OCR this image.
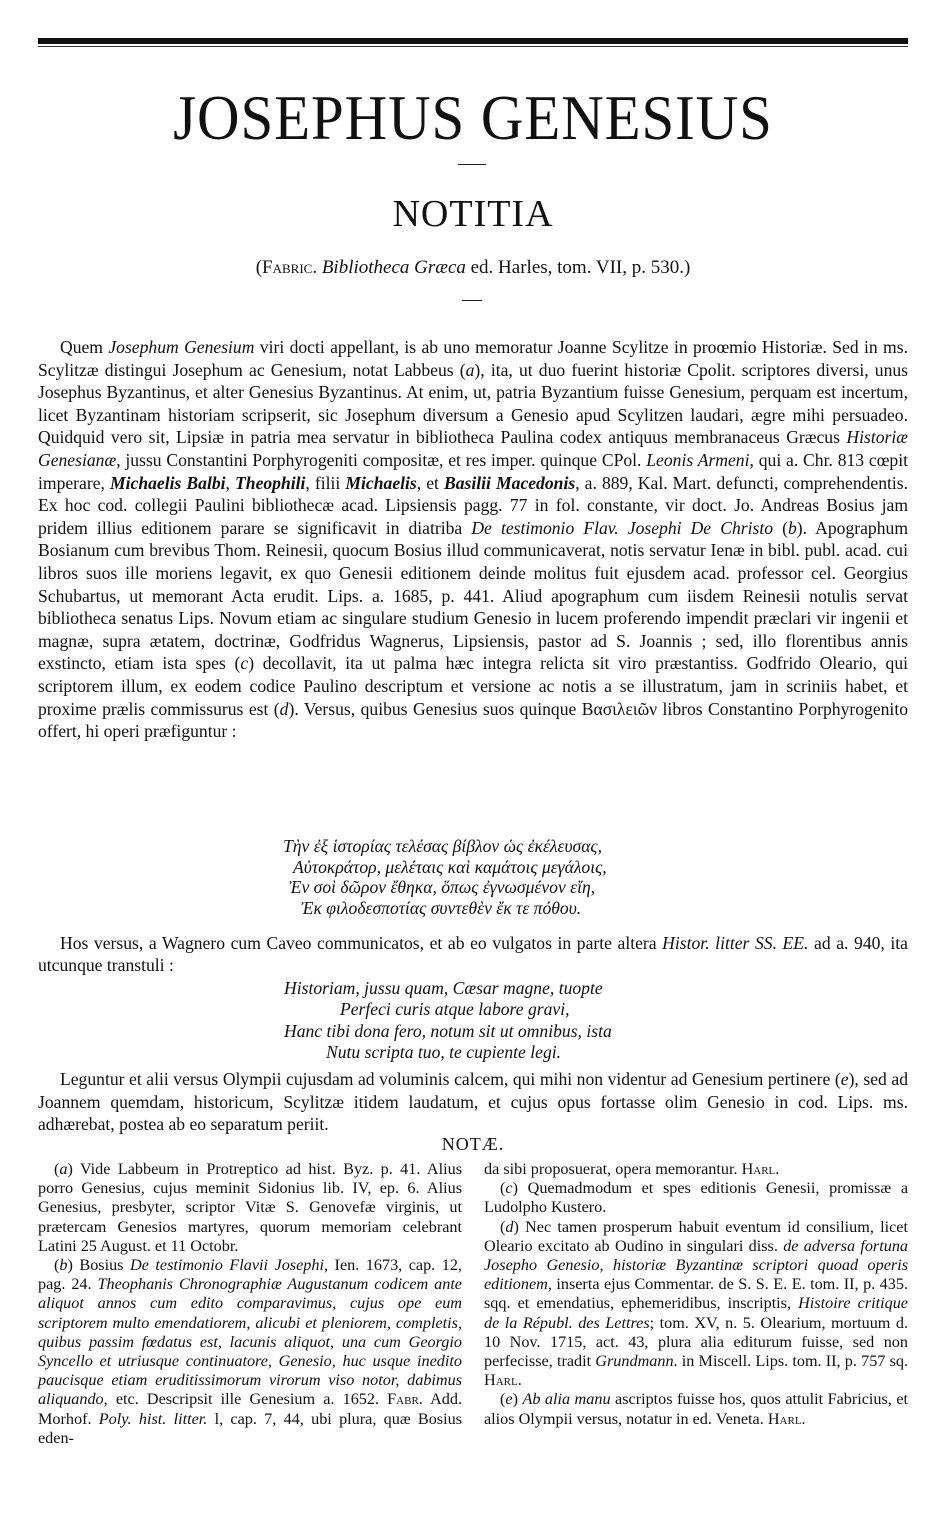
JOSEPHUS GENESIUS
NOTITIA
(Fabric. Bibliotheca Græca ed. Harles, tom. VII, p. 530.)

Quem Josephum Genesium viri docti appellant, is ab uno memoratur Joanne Scylitze in proœmio Historiæ. Sed in ms. Scylitzæ distingui Josephum ac Genesium, notat Labbeus (a), ita, ut duo fuerint historiæ Cpolit. scriptores diversi, unus Josephus Byzantinus, et alter Genesius Byzantinus. At enim, ut, patria Byzantium fuisse Genesium, perquam est incertum, licet Byzantinam historiam scripserit, sic Josephum diversum a Genesio apud Scylitzen laudari, ægre mihi persuadeo. Quidquid vero sit, Lipsiæ in patria mea servatur in bibliotheca Paulina codex antiquus membranaceus Græcus Historiæ Genesianæ, jussu Constantini Porphyrogeniti compositæ, et res imper. quinque CPol. Leonis Armeni, qui a. Chr. 813 cœpit imperare, Michaelis Balbi, Theophili, filii Michaelis, et Basilii Macedonis, a. 889, Kal. Mart. defuncti, comprehendentis. Ex hoc cod. collegii Paulini bibliothecæ acad. Lipsiensis pagg. 77 in fol. constante, vir doct. Jo. Andreas Bosius jam pridem illius editionem parare se significavit in diatriba De testimonio Flav. Josephi De Christo (b). Apographum Bosianum cum brevibus Thom. Reinesii, quocum Bosius illud communicaverat, notis servatur Ienæ in bibl. publ. acad. cui libros suos ille moriens legavit, ex quo Genesii editionem deinde molitus fuit ejusdem acad. professor cel. Georgius Schubartus, ut memorant Acta erudit. Lips. a. 1685, p. 441. Aliud apographum cum iisdem Reinesii notulis servat bibliotheca senatus Lips. Novum etiam ac singulare studium Genesio in lucem proferendo impendit præclari vir ingenii et magnæ, supra ætatem, doctrinæ, Godfridus Wagnerus, Lipsiensis, pastor ad S. Joannis ; sed, illo florentibus annis exstincto, etiam ista spes (c) decollavit, ita ut palma hæc integra relicta sit viro præstantiss. Godfrido Oleario, qui scriptorem illum, ex eodem codice Paulino descriptum et versione ac notis a se illustratum, jam in scriniis habet, et proxime prælis commissurus est (d). Versus, quibus Genesius suos quinque Βασιλειῶν libros Constantino Porphyrogenito offert, hi operi præfiguntur :

Τὴν ἐξ ἱστορίας τελέσας βίβλον ὡς ἐκέλευσας,
Αὐτοκράτορ, μελέταις καὶ καμάτοις μεγάλοις,
Ἐν σοὶ δῶρον ἔθηκα, ὅπως ἐγνωσμένον εἴη,
Ἐκ φιλοδεσποτίας συντεθὲν ἔκ τε πόθου.

Hos versus, a Wagnero cum Caveo communicatos, et ab eo vulgatos in parte altera Histor. litter SS. EE. ad a. 940, ita utcunque transtuli :

Historiam, jussu quam, Cæsar magne, tuopte
Perfeci curis atque labore gravi,
Hanc tibi dona fero, notum sit ut omnibus, ista
Nutu scripta tuo, te cupiente legi.

Leguntur et alii versus Olympii cujusdam ad voluminis calcem, qui mihi non videntur ad Genesium pertinere (e), sed ad Joannem quemdam, historicum, Scylitzæ itidem laudatum, et cujus opus fortasse olim Genesio in cod. Lips. ms. adhærebat, postea ab eo separatum periit.

NOTÆ.

(a) Vide Labbeum in Protreptico ad hist. Byz. p. 41. Alius porro Genesius, cujus meminit Sidonius lib. IV, ep. 6. Alius Genesius, presbyter, scriptor Vitæ S. Genovefæ virginis, ut prætercam Genesios martyres, quorum memoriam celebrant Latini 25 August. et 11 Octobr.

(b) Bosius De testimonio Flavii Josephi, Ien. 1673, cap. 12, pag. 24. Theophanis Chronographiæ Augustanum codicem ante aliquot annos cum edito comparavimus, cujus ope eum scriptorem multo emendatiorem, alicubi et pleniorem, completis, quibus passim fœdatus est, lacunis aliquot, una cum Georgio Syncello et utriusque continuatore, Genesio, huc usque inedito paucisque etiam eruditissimorum virorum viso notor, dabimus aliquando, etc. Descripsit ille Genesium a. 1652. Fabr. Add. Morhof. Poly. hist. litter. l, cap. 7, 44, ubi plura, quæ Bosius eden-

da sibi proposuerat, opera memorantur. Harl.

(c) Quemadmodum et spes editionis Genesii, promissæ a Ludolpho Kustero.

(d) Nec tamen prosperum habuit eventum id consilium, licet Oleario excitato ab Oudino in singulari diss. de adversa fortuna Josepho Genesio, historiæ Byzantinæ scriptori quoad operis editionem, inserta ejus Commentar. de S. S. E. E. tom. II, p. 435. sqq. et emendatius, ephemeridibus, inscriptis, Histoire critique de la Républ. des Lettres; tom. XV, n. 5. Olearium, mortuum d. 10 Nov. 1715, act. 43, plura alia editurum fuisse, sed non perfecisse, tradit Grundmann. in Miscell. Lips. tom. II, p. 757 sq. Harl.

(e) Ab alia manu ascriptos fuisse hos, quos attulit Fabricius, et alios Olympii versus, notatur in ed. Veneta. Harl.
